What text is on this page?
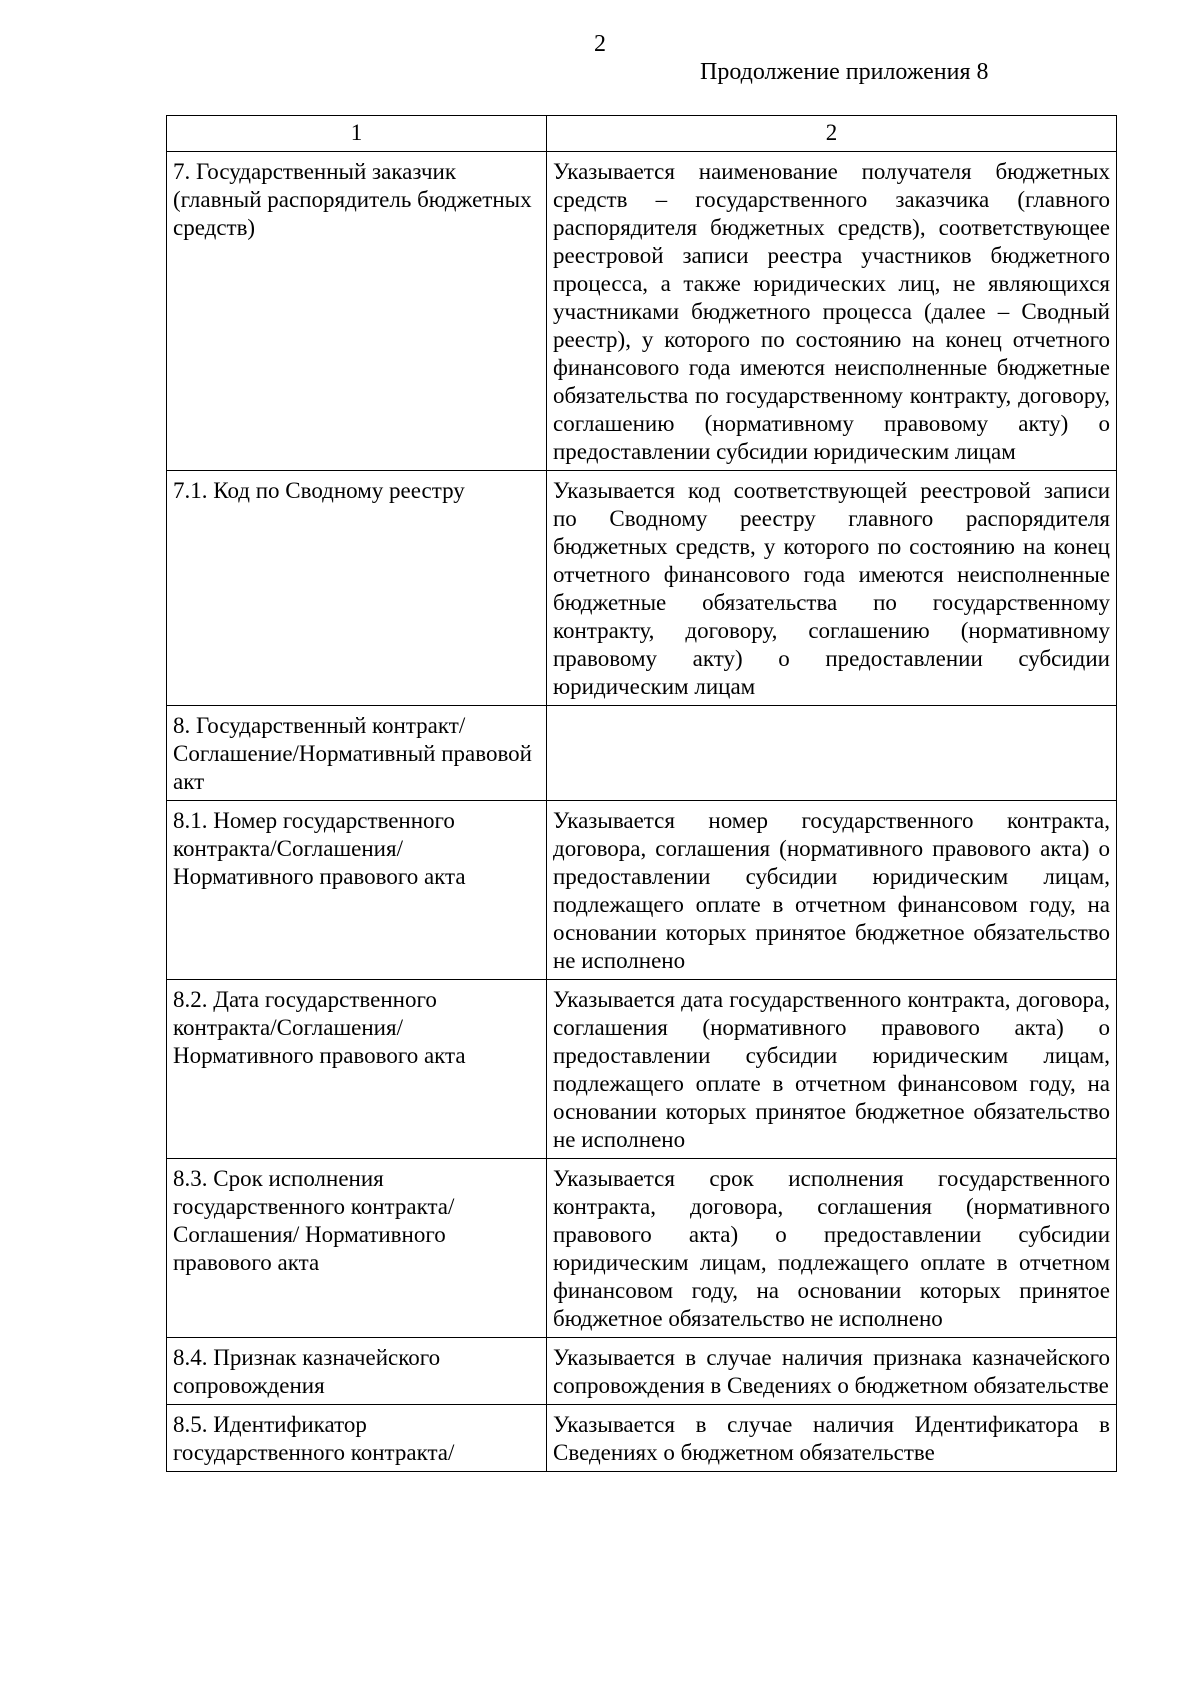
2
Продолжение приложения 8
1	2
7. Государственный заказчик (главный распорядитель бюджетных средств)	Указывается наименование получателя бюджетных средств – государственного заказчика (главного распорядителя бюджетных средств), соответствующее реестровой записи реестра участников бюджетного процесса, а также юридических лиц, не являющихся участниками бюджетного процесса (далее – Сводный реестр), у которого по состоянию на конец отчетного финансового года имеются неисполненные бюджетные обязательства по государственному контракту, договору, соглашению (нормативному правовому акту) о предоставлении субсидии юридическим лицам
7.1. Код по Сводному реестру	Указывается код соответствующей реестровой записи по Сводному реестру главного распорядителя бюджетных средств, у которого по состоянию на конец отчетного финансового года имеются неисполненные бюджетные обязательства по государственному контракту, договору, соглашению (нормативному правовому акту) о предоставлении субсидии юридическим лицам
8. Государственный контракт/ Соглашение/Нормативный правовой акт	
8.1. Номер государственного контракта/Соглашения/ Нормативного правового акта	Указывается номер государственного контракта, договора, соглашения (нормативного правового акта) о предоставлении субсидии юридическим лицам, подлежащего оплате в отчетном финансовом году, на основании которых принятое бюджетное обязательство не исполнено
8.2. Дата государственного контракта/Соглашения/ Нормативного правового акта	Указывается дата государственного контракта, договора, соглашения (нормативного правового акта) о предоставлении субсидии юридическим лицам, подлежащего оплате в отчетном финансовом году, на основании которых принятое бюджетное обязательство не исполнено
8.3. Срок исполнения государственного контракта/Соглашения/ Нормативного правового акта	Указывается срок исполнения государственного контракта, договора, соглашения (нормативного правового акта) о предоставлении субсидии юридическим лицам, подлежащего оплате в отчетном финансовом году, на основании которых принятое бюджетное обязательство не исполнено
8.4. Признак казначейского сопровождения	Указывается в случае наличия признака казначейского сопровождения в Сведениях о бюджетном обязательстве
8.5. Идентификатор государственного контракта/	Указывается в случае наличия Идентификатора в Сведениях о бюджетном обязательстве
